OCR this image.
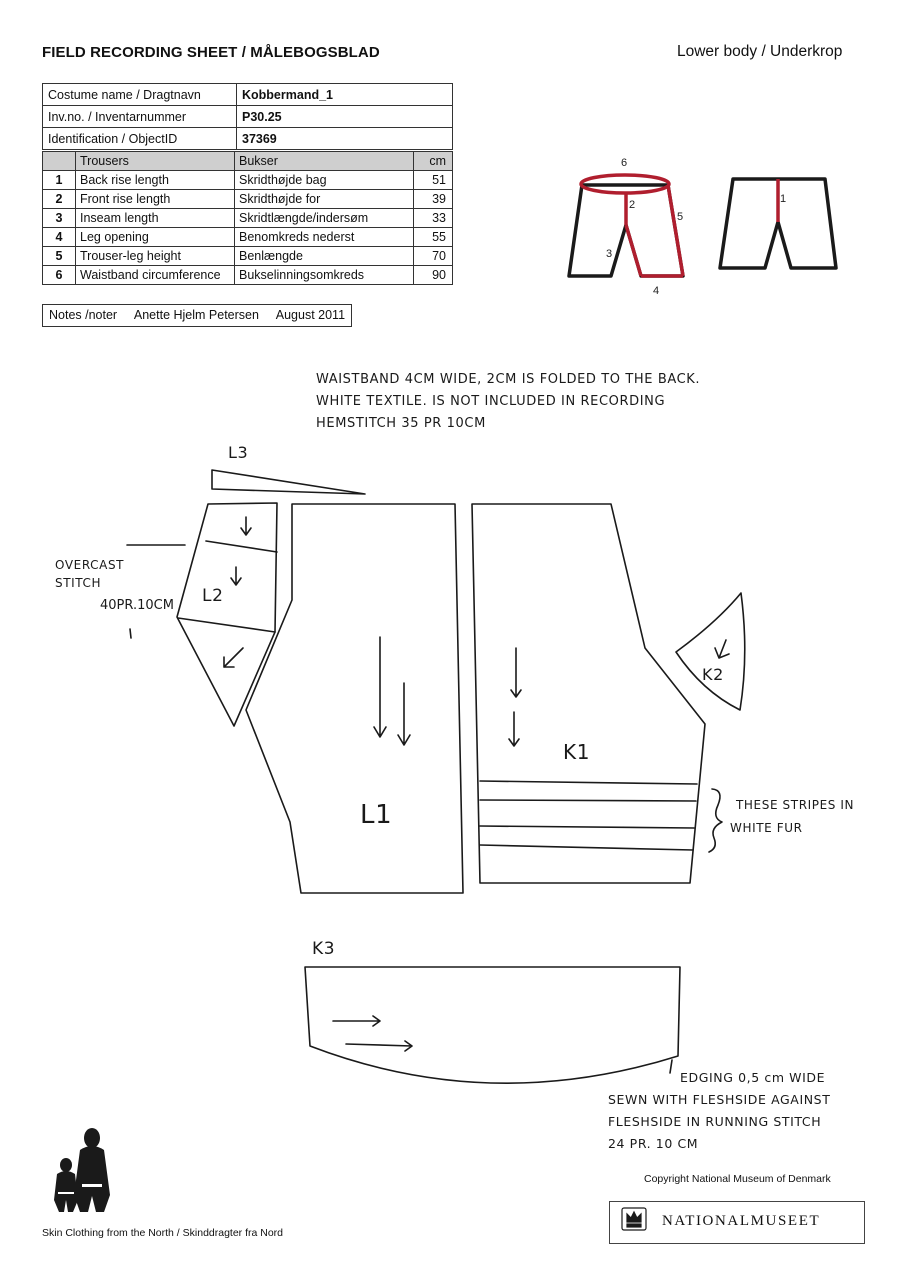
FIELD RECORDING SHEET / MÅLEBOGSBLAD	Lower body / Underkrop
Costume name / Dragtnavn	Kobbermand_1
Inv.no. / Inventarnummer	P30.25
Identification / ObjectID	37369
	Trousers	Bukser	cm
1	Back rise length	Skridthøjde bag	51
2	Front rise length	Skridthøjde for	39
3	Inseam length	Skridtlængde/indersøm	33
4	Leg opening	Benomkreds nederst	55
5	Trouser-leg height	Benlængde	70
6	Waistband circumference	Bukselinningsomkreds	90
Notes /noter Anette Hjelm Petersen August 2011
6
2
5
3
4
1
WAISTBAND 4CM WIDE, 2CM IS FOLDED TO THE BACK.
WHITE TEXTILE. IS NOT INCLUDED IN RECORDING
HEMSTITCH 35 PR 10CM
L3
L2
L1
K1
K2
K3
OVERCAST
STITCH
40PR.10CM
THESE STRIPES IN
WHITE FUR
EDGING 0,5 cm WIDE
SEWN WITH FLESHSIDE AGAINST
FLESHSIDE IN RUNNING STITCH
24 PR. 10 CM
Skin Clothing from the North / Skinddragter fra Nord
Copyright National Museum of Denmark
NATIONALMUSEET
